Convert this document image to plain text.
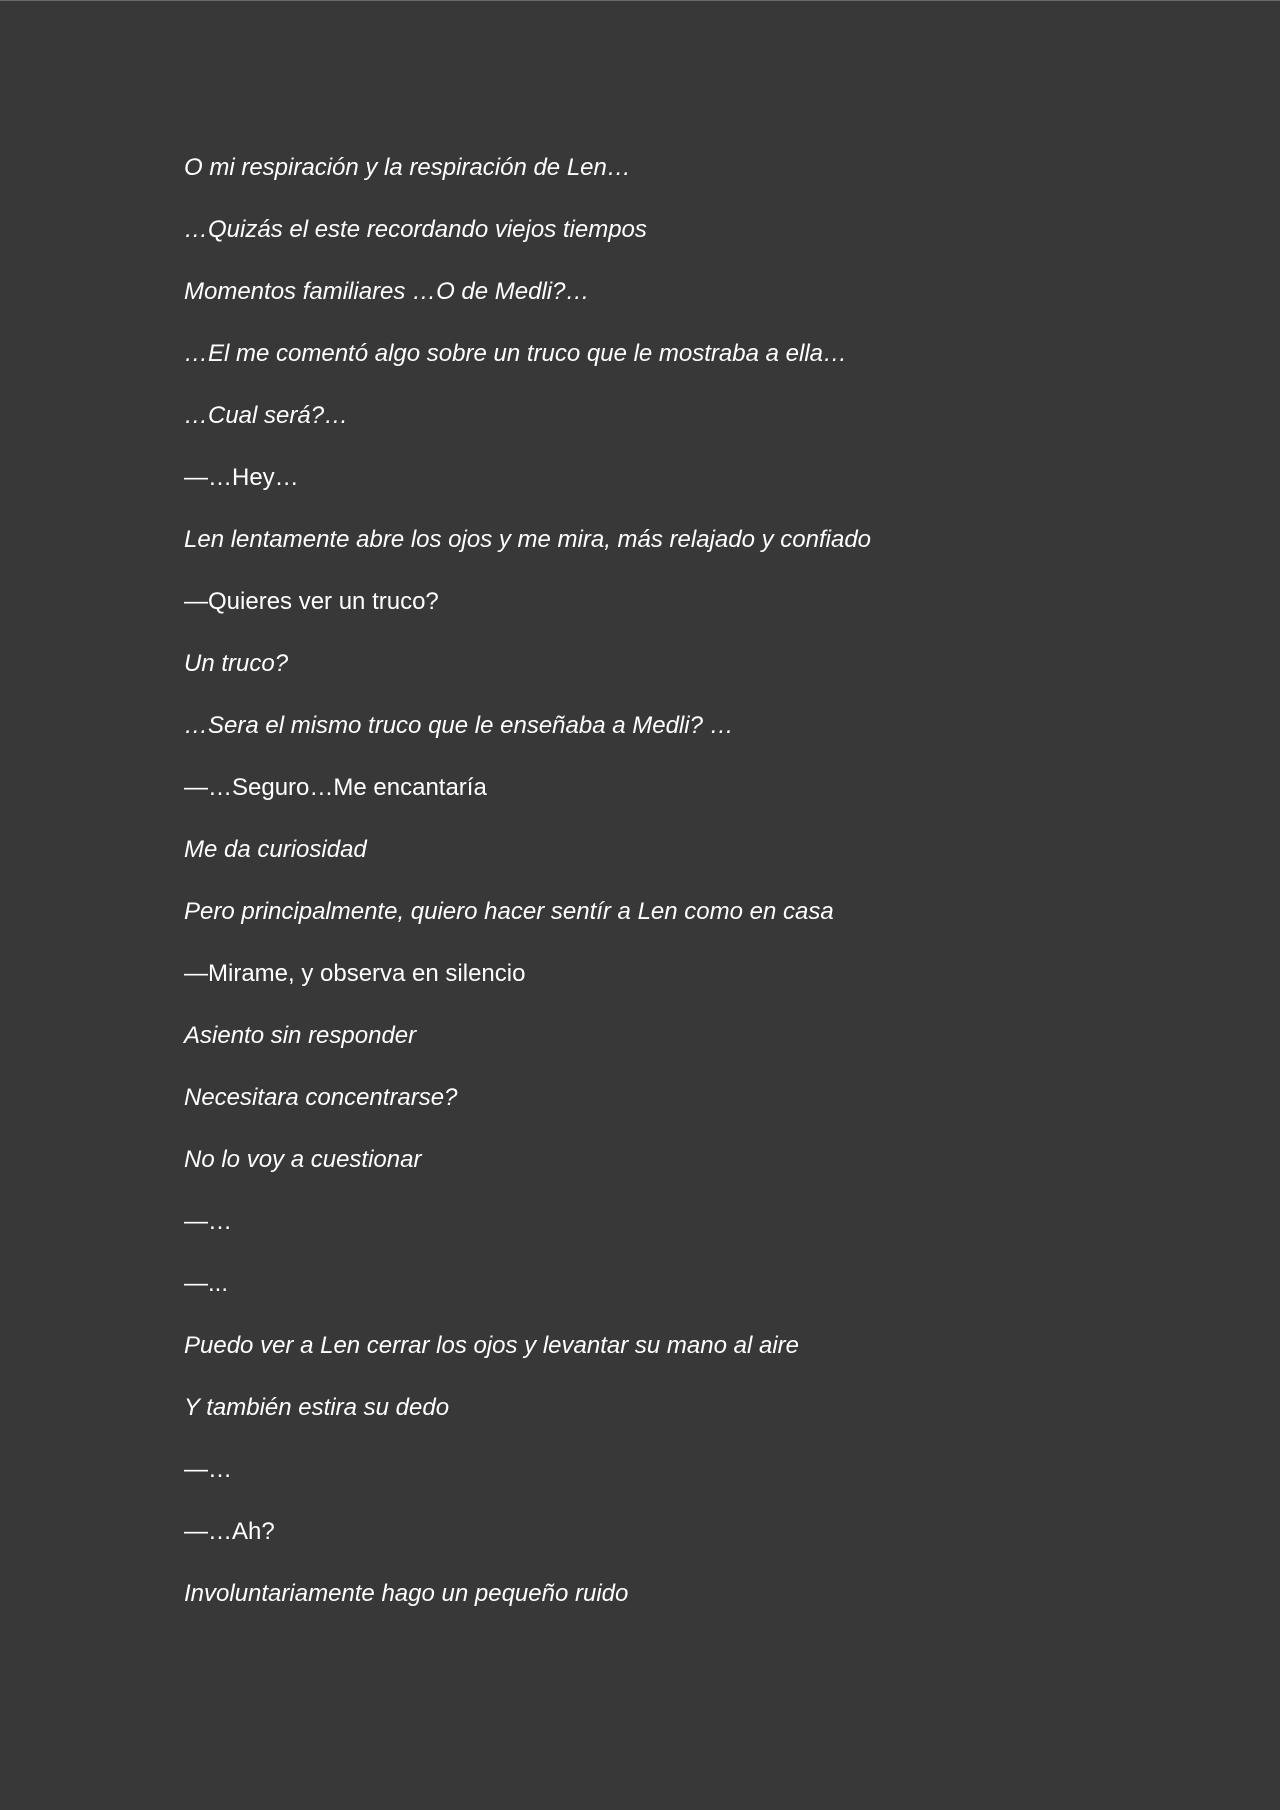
O mi respiración y la respiración de Len…

…Quizás el este recordando viejos tiempos

Momentos familiares …O de Medli?…

…El me comentó algo sobre un truco que le mostraba a ella…

…Cual será?…

—…Hey…

Len lentamente abre los ojos y me mira, más relajado y confiado

—Quieres ver un truco?

Un truco?

…Sera el mismo truco que le enseñaba a Medli? …

—…Seguro…Me encantaría

Me da curiosidad

Pero principalmente, quiero hacer sentír a Len como en casa

—Mirame, y observa en silencio

Asiento sin responder

Necesitara concentrarse?

No lo voy a cuestionar

—…

—...

Puedo ver a Len cerrar los ojos y levantar su mano al aire

Y también estira su dedo

—…

—…Ah?

Involuntariamente hago un pequeño ruido
